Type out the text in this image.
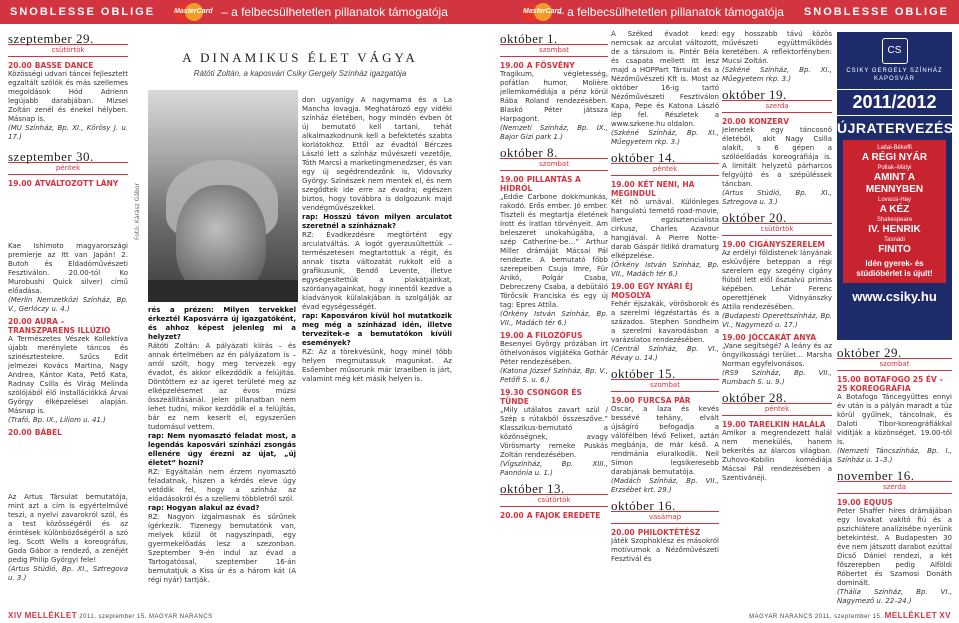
SNOBLESSE OBLIGE	MasterCard – a felbecsülhetetlen pillanatok támogatója	MasterCard
– a felbecsülhetetlen pillanatok támogatója	SNOBLESSE OBLIGE
szeptember 29.
csütörtök
20.00 BASSE DANCE
Közösségi udvari táncei fejlesztett egzaltált szólók és más szellemes megoldások Hód Adrienn legújabb darabjában. Mizsei Zoltán zenél és énekel hélyben. Másnap is.
(MU Színház, Bp. XI., Kőrösy J. u. 17.)
szeptember 30.
péntek
19.00 ÁTVÁLTOZOTT LÁNY
Kae Ishimoto magyarországi premierje az Itt van Japán! 2. Butoh és Eldadóművészeti Fesztiválon. 20.00-tól Ko Murobushi Quick silver) című előadása.
(Merlin Nemzetközi Színház, Bp. V., Gerlóczy u. 4.)
20.00 AURA – TRANSZPARENS ILLÚZIÓ
A Természetes Vészek Kollektíva újabb merénylete táncos és színésztestekre. Szűcs Edit jelmezei Kovács Martina, Nagy Andrea, Kántor Kata, Pető Kata, Radnay Csilla és Virág Melinda szólójából élő installációkká Árvai György élképzelései alapján. Másnap is.
(Trafó, Bp. IX., Liliom u. 41.)
20.00 BÁBEL
Az Artus Társulat bemutatója, mint azt a cím is egyértelművé teszi, a nyelvi zavarokról szól, és a test közösségéről és az érintések különbözőségéről a szó leg. Scott Wells a koreográfus, Goda Gábor a rendező, a zenéjét pedig Philip Györgyi fele!
(Artus Stúdió, Bp. XI., Sztregova u. 3.)
A DINAMIKUS ÉLET VÁGYA
Rátóti Zoltán, a kaposvári Csiky Gergely Színház igazgatója
Fotó: Kárász Gábor
rés a prézen: Milyen tervekkel érkeztél Kaposvárra új igazgatóként, és ahhoz képest jelenleg mi a helyzet?
Rátóti Zoltán: A pályázati kiírás – és annak értelmében az én pályázatom is – arról szólt, hogy meg tervezek egy évadot, és akkor elkezdődik a felújítás. Döntöttem ez az igeret területé meg az elképzelésemet az évos múzsi összeállításánál. Jelen pillanatban nem lehet tudni, mikor kezdődik el a felújítás, bár ez nem keserít el, egyszerűen tudomásul vettem.
rap: Nem nyomasztó feladat most, a legendás kaposvári színházi zsongás ellenére úgy érezni az újat, „új életet” hozni?
RZ: Egyáltalán nem érzem nyomasztó feladatnak, hiszen a kérdés eleve úgy vetődik fel, hogy a színház az előadásokról és a szellemi többletről szól.
rap: Hogyan alakul az évad?
RZ: Nagyon izgalmasnak és sűrűnek ígérkezik. Tizenegy bemutatónk van, melyek közül öt nagyszínpadi, egy gyermekelőadás lesz a szezonban. Szeptember 9-én indul az évad a Tartogatóssal, szeptember 16-án bemutatjuk a Kiss úr és a három kát (A régi nyár) tartják.
don ugyanígy A nagymama és a La Mancha lovagja. Meghatározó egy vidéki színház életében, hogy mindén évben öt új bemutató kell tartani, tehát alkalmazkodnunk kell a befektetés szabta korlátokhoz. Ettől az évadtól Bérczes László lett a színház művészeti vezetője, Tóth Marcsi a marketingmenedzser, és van egy új segédrendezőnk is, Vidovszky György. Színészek nem mentek el, és nem szegődtek ide erre az évadra; egészen biztos, hogy továbbra is dolgozunk majd vendégművészekkel.
rap: Hosszú távon milyen arculatot szeretnél a színháznak?
RZ: Évadkezdésre megtörtént egy arculatváltás. A logót gyerzusültettük – természetesen megtartottuk a régit, és annak tiszta változatát rukkolt elő a grafikusunk, Bendő Levente, illetve egységesítettük a plakátjainkat, szóróanyagainkat, hogy innentől kezdve a kiadványok külalakjában is szolgálják az évad egységességét.
rap: Kaposváron kívül hol mutatkozik meg még a színházad idén, illetve tervezitek-e a bemutatókon kívüli események?
RZ: Az a törekvésünk, hogy minél több helyen megmutassuk magunkat. Az Esőember műsorunk már Izraelben is járt, valamint még két másik helyen is.
október 1.
szombat
19.00 A FÖSVÉNY
Tragikum, végletesség, pofátlan humor. Molière jellemkomédiája a pénz körül Rába Roland rendezésében. Blaskó Péter játssza Harpagont.
(Nemzeti Színház, Bp. IX., Bajor Gizi park 1.)
október 8.
szombat
19.00 PILLANTÁS A HÍDRÓL
„Eddie Carbone dokkmunkás, rakodó. Erős ember. Jó ember. Tiszteli és megtartja életének írott és íratlan törvényeit. Am beleszeret unokahúgába, a szép Catherine-be…” Arthur Miller drámáját Mácsai Pál rendezte. A bemutató főbb szerepeiben Csuja Imre, Für Anikó, Polgár Csaba, Debreczeny Csaba, a debütáló Törőcsik Franciska és egy új tag: Epres Attila.
(Örkény István Színház, Bp. VII., Madách tér 6.)
19.00 A FILOZÓFUS
Besenyei György prózában írt öthelvonásos vígjátéka Gothár Péter rendezésében.
(Katona József Színház, Bp. V., Petőfi S. u. 6.)
19.30 CSONGOR ÉS TÜNDE
„Mily utálatos zavart szül / Szép s rútakból összeszőve.” Klasszikus-bemutató a közönségnek, avagy Vörösmarty remeke Puskás Zoltán rendezésében.
(Vígszínház, Bp. XIII., Pannónia u. 1.)
október 13.
csütörtök
20.00 A FAJOK EREDETE
A Széked évadot kezd: nemcsak az arculat változott, de a társulom is. Pintér Béla és csapata mellett itt lesz majd a HOPPart Társulat és a Nézőművészeti Kft is. Most az október 16-ig tartó Nézőművészeti Fesztiválon Kapa, Pepe és Katona László lép fel. Részletek a www.szkene.hu oldalon.
(Szkéné Színház, Bp. XI., Műegyetem rkp. 3.)
október 14.
péntek
19.00 KÉT NENI, HA MEGINDUL
Két nő urnával. Különleges hangulatú temető road-movie, illetve egzisztencialista cirkusz, Charles Azavour hangjával. A Pierre Notte-darab Gáspár Ildikó dramaturg elképzelése.
(Örkény István Színház, Bp. VII., Madách tér 6.)
19.00 EGY NYÁRI ÉJ MOSOLYA
Fehér éjszakák, vörösborok és a szerelmi légzéstartás és a százados. Stephen Sondheim a szerelmi kavarodásban a varázslatos rendezésében.
(Centrál Színház, Bp. VI., Révay u. 14.)
október 15.
szombat
19.00 FURCSA PÁR
Oscar, a laza és kevés bessévé tehány, elvált újságíró befogadja a válófélben lévő Felixet, aztán megbánja, de már késő. A rendmánia eluralkodik. Neil Simon legsikeresebb darabjának bemutatója.
(Madách Színház, Bp. VII., Erzsébet krt. 29.)
október 16.
vasárnap
20.00 PHILOKTÉTÉSZ
Játék Szophoklész és másokról motívumok a Nézőművészeti Fesztivál és
egy hosszabb távú közös művészeti együttműködés keretében. A reflektorfényben: Mucsi Zoltán.
(Szkéné Színház, Bp. XI., Műegyetem rkp. 3.)
október 19.
szerda
20.00 KONZERV
Jelenetek egy táncosnő életéből, akit Nagy Csilla alakít, s 6 gépen a szólóelőadás koreográfiája is. A limitált helyzetű párharcos felgyújtó és a szépüléssek táncban.
(Artus Stúdió, Bp. XI., Sztregova u. 3.)
október 20.
csütörtök
19.00 CIGÁNYSZERELEM
Az erdélyi földistenek lányának esküvőjére beteppan a régi szerelem egy szegény cigány fiúból lett elől ösztalvú prímás képében. Lehár Ferenc operettjének Vidnyánszky Attila rendezésében.
(Budapesti Operettszínház, Bp. VI., Nagymező u. 17.)
19.00 JÓCCAKÁT ANYA
„Vane segítségé? A leány és az öngyilkossági terület… Marsha Norman egyfelvonásos.
(RS9 Színház, Bp. VII., Rumbach S. u. 9.)
október 28.
péntek
19.00 TARELKIN HALÁLA
Amikor a megrendezett halál nem menekülés, hanem bekerítés az álarcos világban. Zuhovo-Kobilin komédiája Mácsai Pál rendezésében a Szentivánéji.
CS
CSIKY GERGELY SZÍNHÁZ KAPOSVÁR
2011/2012
ÚJRATERVEZÉS
Laitai-Békeffi
A RÉGI NYÁR
Pollak–Mátyi
AMINT A MENNYBEN
Lovassi-Hay
A KÉZ
Shakespeare
IV. HENRIK
Tasnádi
FINITO
Idén gyerek- és stúdióbérlet is újult!
www.csiky.hu
október 29.
szombat
15.00 BOTAFOGO 25 ÉV – 25 KOREOGRÁFIA
A Botafogo Táncegyüttes ennyi év után is a pályán maradt a tüz körül gyűlnek, táncolnak, és Daloti Tibor-koreográfiákkal vidítják a közönséget. 19.00-től is.
(Nemzeti Táncszínház, Bp. I., Színház u. 1–3.)
november 16.
szerda
19.00 EQUUS
Peter Shaffer híres drámájában egy lovakat vakító fiú és a pszichiátere analízisébe nyerünk betekintést. A Budapesten 30 éve nem játszott darabot ezúttal Dicső Dániel rendezi, a két főszerepben pedig Alföldi Róbertet és Szamosi Donáth dominált.
(Thália Színház, Bp. VI., Nagymező u. 22–24.)
XIV MELLÉKLET 2011. szeptember 15. MAGYAR NARANCS	MAGYAR NARANCS 2011. szeptember 15. MELLÉKLET XV
